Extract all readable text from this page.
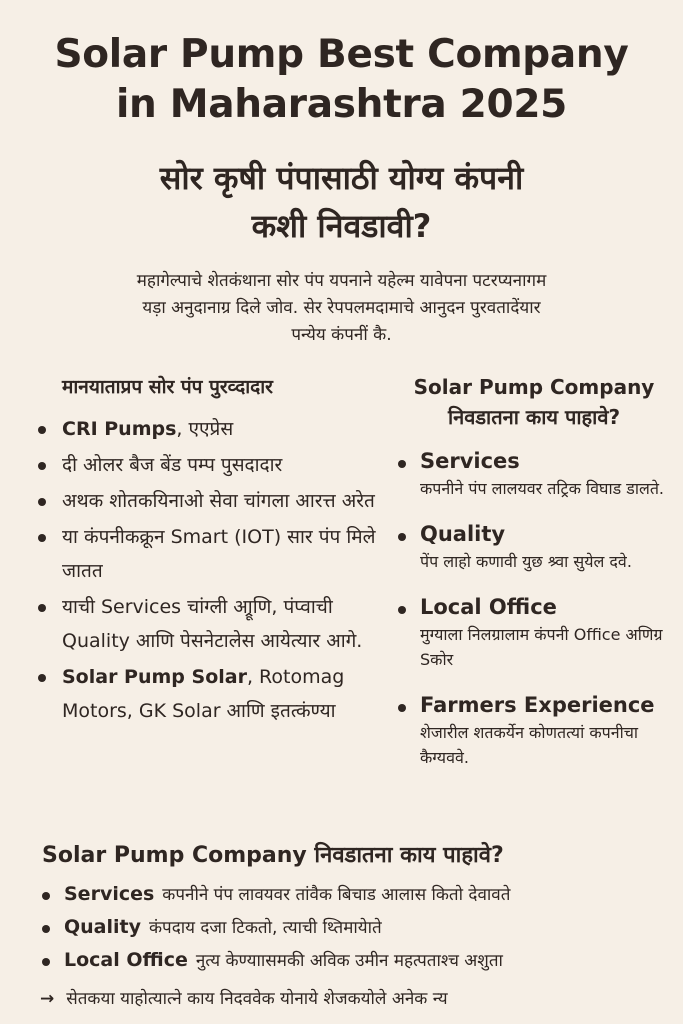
Solar Pump Best Company
in Maharashtra 2025
सोर कृषी पंपासाठी योग्य कंपनी
कशी निवडावी?
महागेल्पाचे शेतकंथाना सोर पंप यपनाने यहेल्म यावेपना पटरप्यनागम
यड़ा अनुदानाग्र दिले जोव. सेर रेपपलमदामाचे आनुदन पुरवतादेंयार
पन्येय कंपनीं कै.
मानयाताप्रप सोर पंप पुरव्दादार
CRI Pumps, एएप्रेस
दी ओलर बैज बेंड पम्प पुसदादार
अथक शोतकयिनाओ सेवा चांगला आरत्त अरेत
या कंपनीकक्रून Smart (IOT) सार पंप मिले जातत
याची Services चांग्ली आ्रूणि, पंप्वाची Quality आणि पेसनेटालेस आयेत्यार आगे.
Solar Pump Solar, Rotomag Motors, GK Solar आणि इतत्कंण्या
Solar Pump Company
निवडातना काय पाहावे?
Services
कपनीने पंप लालयवर तट्रिक विघाड डालते.
Quality
पेंप लाहो कणावी युछ श्र्वा सुयेल दवे.
Local Oﬃce
मुग्याला निलग्रालाम कंपनी Office अणिग्र Sकोर
Farmers Experience
शेजारील शतकर्येन कोणतत्यां कपनीचा कैग्यववे.
Solar Pump Company निवडातना काय पाहावे?
Services कपनीने पंप लावयवर तांवैक बिचाड आलास कितो देवावते
Quality कंपदाय दजा टिकतो, त्याची थ्तिमायेाते
Local Office नुत्य केण्याासमकी अविक उमीन महत्पताश्च अशुता
→ सेतकया याहोत्यात्ने काय निदववेक योनाये शेजकयोले अनेक न्य
